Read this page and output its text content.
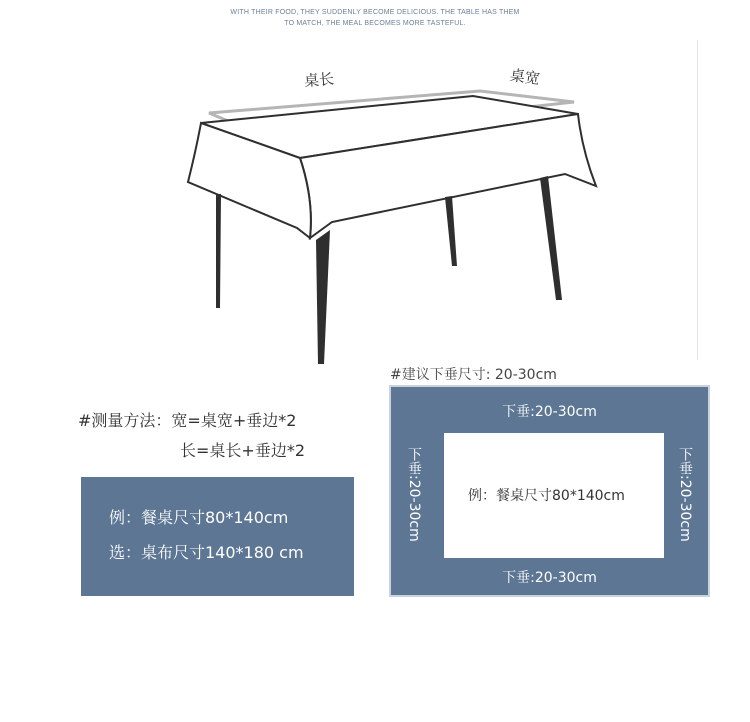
WITH THEIR FOOD, THEY SUDDENLY BECOME DELICIOUS. THE TABLE HAS THEM
TO MATCH, THE MEAL BECOMES MORE TASTEFUL.
桌长	桌宽
#测量方法：宽=桌宽+垂边*2
长=桌长+垂边*2
例：餐桌尺寸80*140cm
选：桌布尺寸140*180 cm
#建议下垂尺寸: 20-30cm
下垂:20-30cm
下垂:20-30cm
下垂:20-30cm	下垂:20-30cm
例：餐桌尺寸80*140cm
